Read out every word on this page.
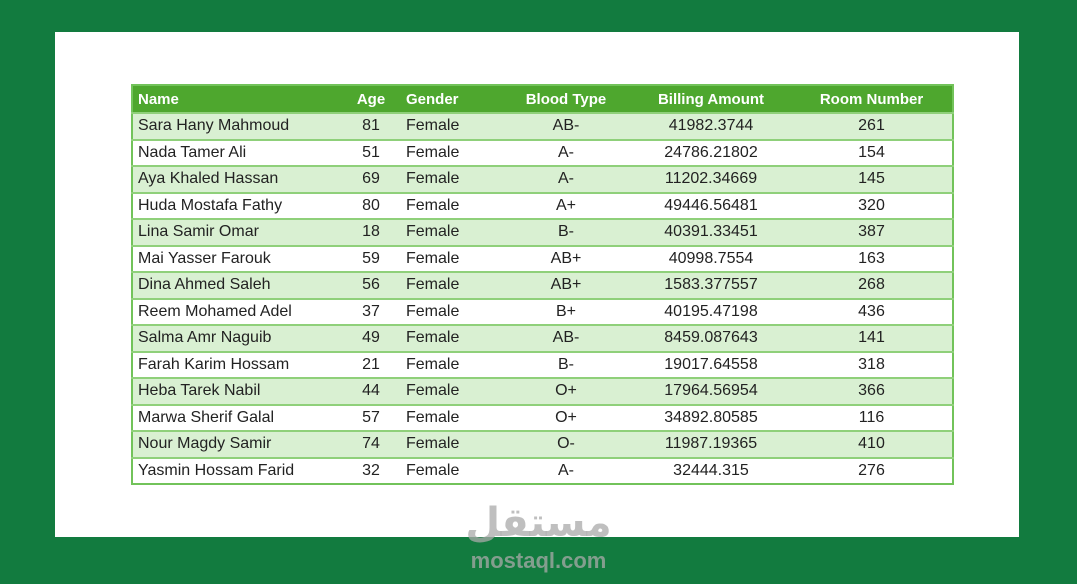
Name	Age	Gender	Blood Type	Billing Amount	Room Number
Sara Hany Mahmoud	81	Female	AB-	41982.3744	261
Nada Tamer Ali	51	Female	A-	24786.21802	154
Aya Khaled Hassan	69	Female	A-	11202.34669	145
Huda Mostafa Fathy	80	Female	A+	49446.56481	320
Lina Samir Omar	18	Female	B-	40391.33451	387
Mai Yasser Farouk	59	Female	AB+	40998.7554	163
Dina Ahmed Saleh	56	Female	AB+	1583.377557	268
Reem Mohamed Adel	37	Female	B+	40195.47198	436
Salma Amr Naguib	49	Female	AB-	8459.087643	141
Farah Karim Hossam	21	Female	B-	19017.64558	318
Heba Tarek Nabil	44	Female	O+	17964.56954	366
Marwa Sherif Galal	57	Female	O+	34892.80585	116
Nour Magdy Samir	74	Female	O-	11987.19365	410
Yasmin Hossam Farid	32	Female	A-	32444.315	276
مستقل
mostaql.com
